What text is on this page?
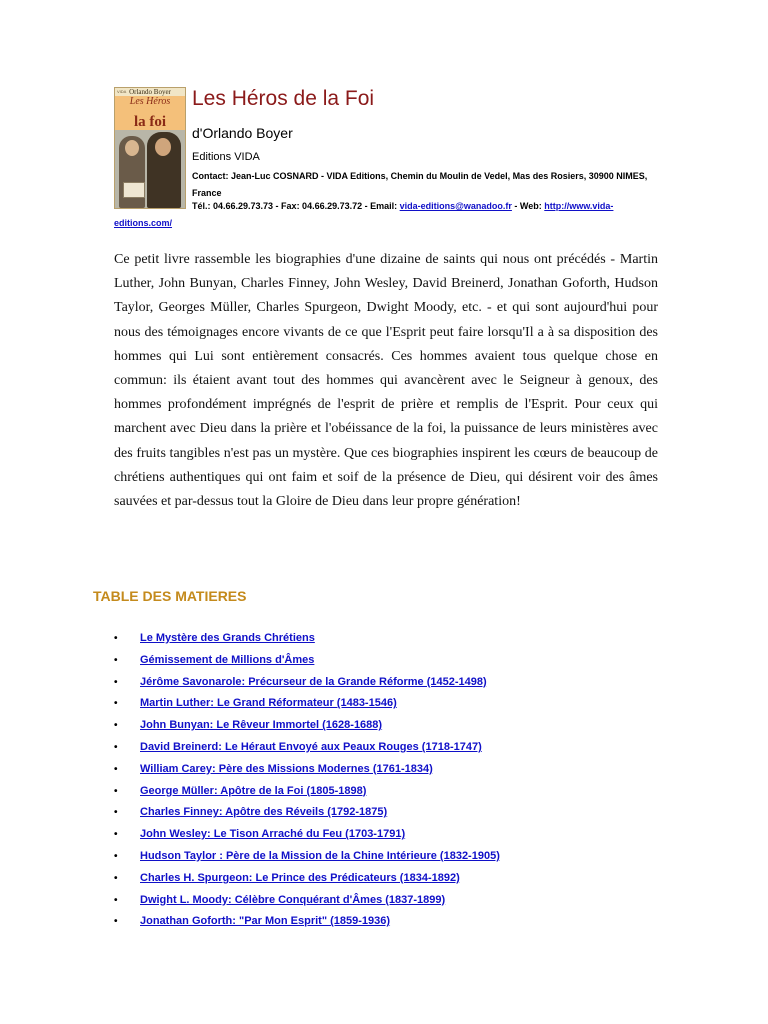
VIDA Orlando Boyer
Les Héros
la foi
Les Héros de la Foi
d'Orlando Boyer
Editions VIDA
Contact: Jean-Luc COSNARD - VIDA Editions, Chemin du Moulin de Vedel, Mas des Rosiers, 30900 NIMES, France
Tél.: 04.66.29.73.73 - Fax: 04.66.29.73.72 - Email: vida-editions@wanadoo.fr - Web: http://www.vida-
editions.com/

Ce petit livre rassemble les biographies d'une dizaine de saints qui nous ont précédés - Martin Luther, John Bunyan, Charles Finney, John Wesley, David Breinerd, Jonathan Goforth, Hudson Taylor, Georges Müller, Charles Spurgeon, Dwight Moody, etc. - et qui sont aujourd'hui pour nous des témoignages encore vivants de ce que l'Esprit peut faire lorsqu'Il a à sa disposition des hommes qui Lui sont entièrement consacrés. Ces hommes avaient tous quelque chose en commun: ils étaient avant tout des hommes qui avancèrent avec le Seigneur à genoux, des hommes profondément imprégnés de l'esprit de prière et remplis de l'Esprit. Pour ceux qui marchent avec Dieu dans la prière et l'obéissance de la foi, la puissance de leurs ministères avec des fruits tangibles n'est pas un mystère. Que ces biographies inspirent les cœurs de beaucoup de chrétiens authentiques qui ont faim et soif de la présence de Dieu, qui désirent voir des âmes sauvées et par-dessus tout la Gloire de Dieu dans leur propre génération!

TABLE DES MATIERES
• Le Mystère des Grands Chrétiens
• Gémissement de Millions d'Âmes
• Jérôme Savonarole: Précurseur de la Grande Réforme (1452-1498)
• Martin Luther: Le Grand Réformateur (1483-1546)
• John Bunyan: Le Rêveur Immortel (1628-1688)
• David Breinerd: Le Héraut Envoyé aux Peaux Rouges (1718-1747)
• William Carey: Père des Missions Modernes (1761-1834)
• George Müller: Apôtre de la Foi (1805-1898)
• Charles Finney: Apôtre des Réveils (1792-1875)
• John Wesley: Le Tison Arraché du Feu (1703-1791)
• Hudson Taylor : Père de la Mission de la Chine Intérieure (1832-1905)
• Charles H. Spurgeon: Le Prince des Prédicateurs (1834-1892)
• Dwight L. Moody: Célèbre Conquérant d'Âmes (1837-1899)
• Jonathan Goforth: "Par Mon Esprit" (1859-1936)
